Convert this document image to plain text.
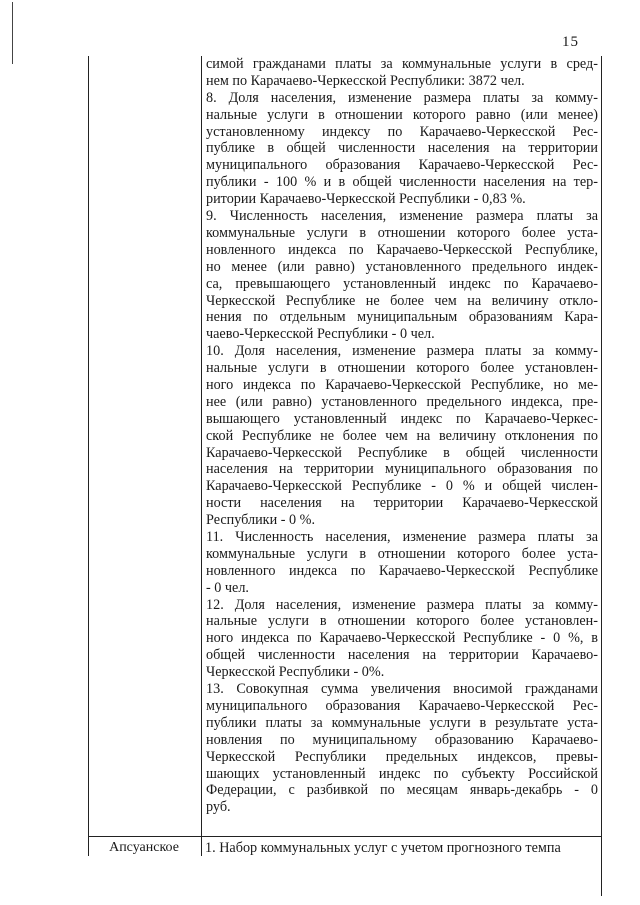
15
симой гражданами платы за коммунальные услуги в сред-
нем по Карачаево-Черкесской Республики: 3872 чел.
8. Доля населения, изменение размера платы за комму-
нальные услуги в отношении которого равно (или менее)
установленному индексу по Карачаево-Черкесской Рес-
публике в общей численности населения на территории
муниципального образования Карачаево-Черкесской Рес-
публики - 100 % и в общей численности населения на тер-
ритории Карачаево-Черкесской Республики - 0,83 %.
9. Численность населения, изменение размера платы за
коммунальные услуги в отношении которого более уста-
новленного индекса по Карачаево-Черкесской Республике,
но менее (или равно) установленного предельного индек-
са, превышающего установленный индекс по Карачаево-
Черкесской Республике не более чем на величину отклo-
нения по отдельным муниципальным образованиям Кара-
чаево-Черкесской Республики - 0 чел.
10. Доля населения, изменение размера платы за комму-
нальные услуги в отношении которого более установлен-
ного индекса по Карачаево-Черкесской Республике, но ме-
нее (или равно) установленного предельного индекса, пре-
вышающего установленный индекс по Карачаево-Черкес-
ской Республике не более чем на величину отклонения по
Карачаево-Черкесской Республике в общей численности
населения на территории муниципального образования по
Карачаево-Черкесской Республике - 0 % и общей числен-
ности населения на территории Карачаево-Черкесской
Республики - 0 %.
11. Численность населения, изменение размера платы за
коммунальные услуги в отношении которого более уста-
новленного индекса по Карачаево-Черкесской Республике
- 0 чел.
12. Доля населения, изменение размера платы за комму-
нальные услуги в отношении которого более установлен-
ного индекса по Карачаево-Черкесской Республике - 0 %, в
общей численности населения на территории Карачаево-
Черкесской Республики - 0%.
13. Совокупная сумма увеличения вносимой гражданами
муниципального образования Карачаево-Черкесской Рес-
публики платы за коммунальные услуги в результате уста-
новления по муниципальному образованию Карачаево-
Черкесской Республики предельных индексов, превы-
шающих установленный индекс по субъекту Российской
Федерации, с разбивкой по месяцам январь-декабрь - 0
руб.
Апсуанское	1. Набор коммунальных услуг с учетом прогнозного темпа
